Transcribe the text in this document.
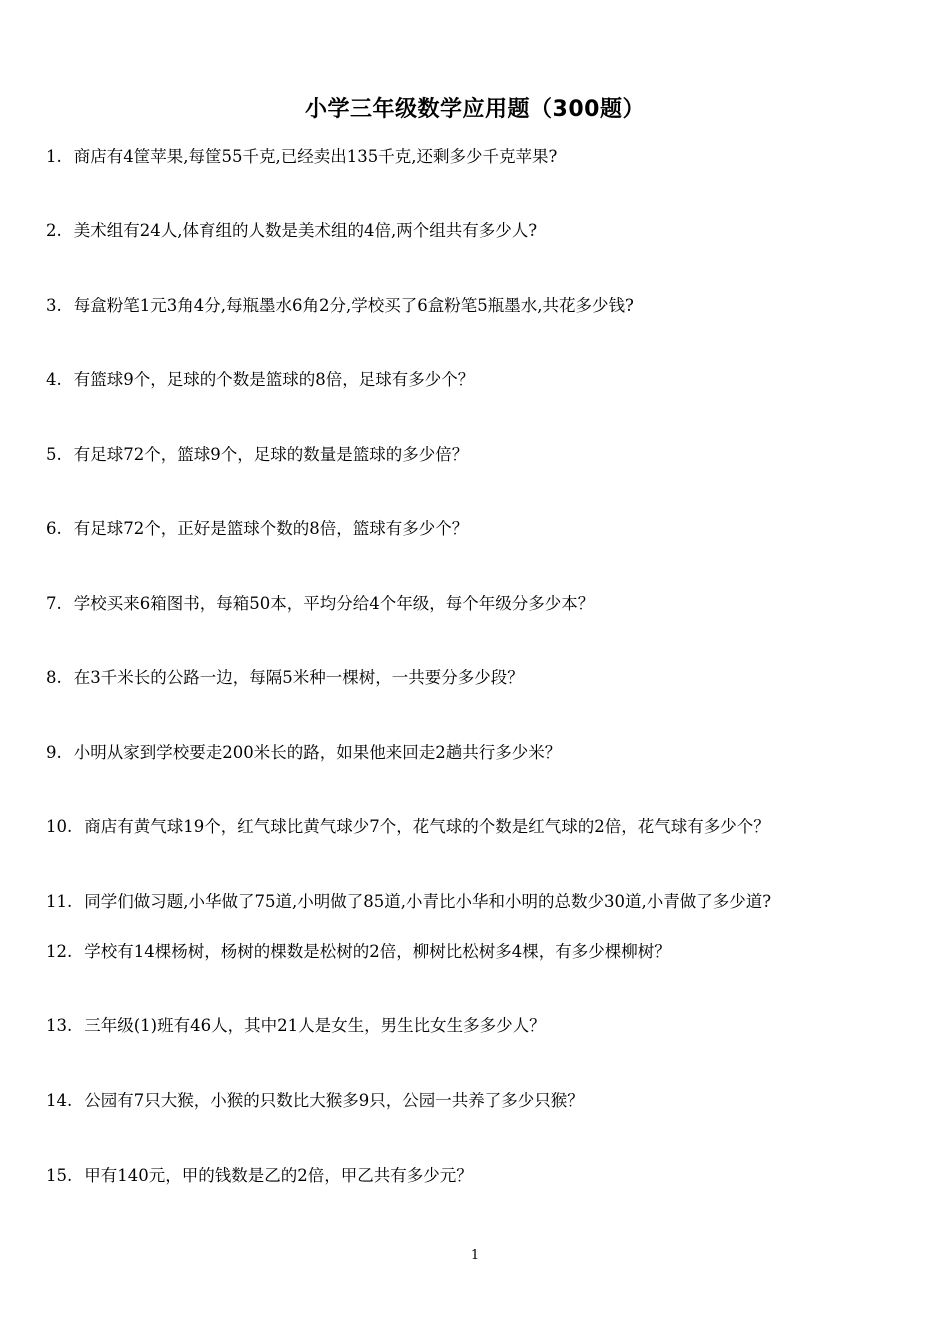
小学三年级数学应用题（300题）
1. 商店有4筐苹果,每筐55千克,已经卖出135千克,还剩多少千克苹果?
2. 美术组有24人,体育组的人数是美术组的4倍,两个组共有多少人?
3. 每盒粉笔1元3角4分,每瓶墨水6角2分,学校买了6盒粉笔5瓶墨水,共花多少钱?
4. 有篮球9个，足球的个数是篮球的8倍，足球有多少个？
5. 有足球72个，篮球9个，足球的数量是篮球的多少倍？
6. 有足球72个，正好是篮球个数的8倍，篮球有多少个？
7. 学校买来6箱图书，每箱50本，平均分给4个年级，每个年级分多少本？
8. 在3千米长的公路一边，每隔5米种一棵树，一共要分多少段？
9. 小明从家到学校要走200米长的路，如果他来回走2趟共行多少米？
10. 商店有黄气球19个，红气球比黄气球少7个，花气球的个数是红气球的2倍，花气球有多少个？
11. 同学们做习题,小华做了75道,小明做了85道,小青比小华和小明的总数少30道,小青做了多少道?
12. 学校有14棵杨树，杨树的棵数是松树的2倍，柳树比松树多4棵，有多少棵柳树？
13. 三年级(1)班有46人，其中21人是女生，男生比女生多多少人？
14. 公园有7只大猴，小猴的只数比大猴多9只，公园一共养了多少只猴？
15. 甲有140元，甲的钱数是乙的2倍，甲乙共有多少元？
1
